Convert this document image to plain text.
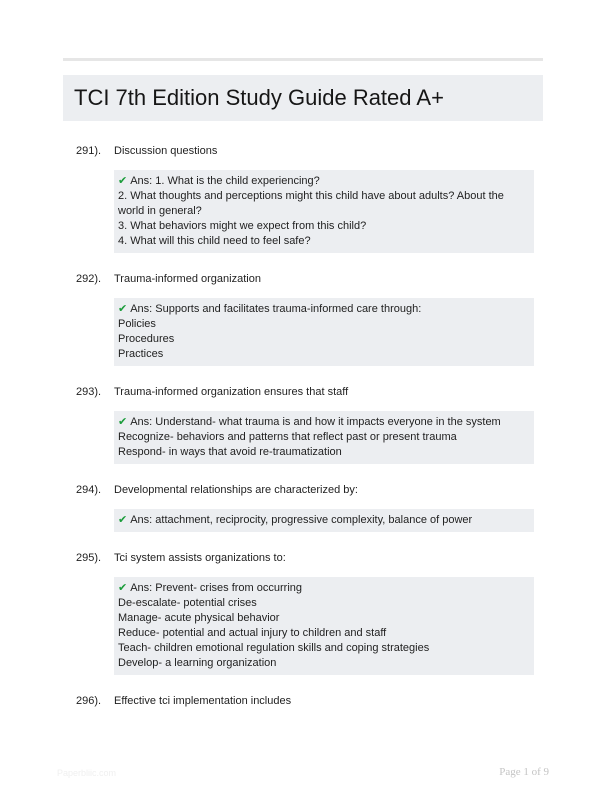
TCI 7th Edition Study Guide Rated A+
291).	Discussion questions
✔ Ans: 1. What is the child experiencing?
2. What thoughts and perceptions might this child have about adults? About the world in general?
3. What behaviors might we expect from this child?
4. What will this child need to feel safe?
292).	Trauma-informed organization
✔ Ans: Supports and facilitates trauma-informed care through:
Policies
Procedures
Practices
293).	Trauma-informed organization ensures that staff
✔ Ans: Understand- what trauma is and how it impacts everyone in the system
Recognize- behaviors and patterns that reflect past or present trauma
Respond- in ways that avoid re-traumatization
294).	Developmental relationships are characterized by:
✔ Ans: attachment, reciprocity, progressive complexity, balance of power
295).	Tci system assists organizations to:
✔ Ans: Prevent- crises from occurring
De-escalate- potential crises
Manage- acute physical behavior
Reduce- potential and actual injury to children and staff
Teach- children emotional regulation skills and coping strategies
Develop- a learning organization
296).	Effective tci implementation includes
Paperbliic.com	Page 1 of 9
